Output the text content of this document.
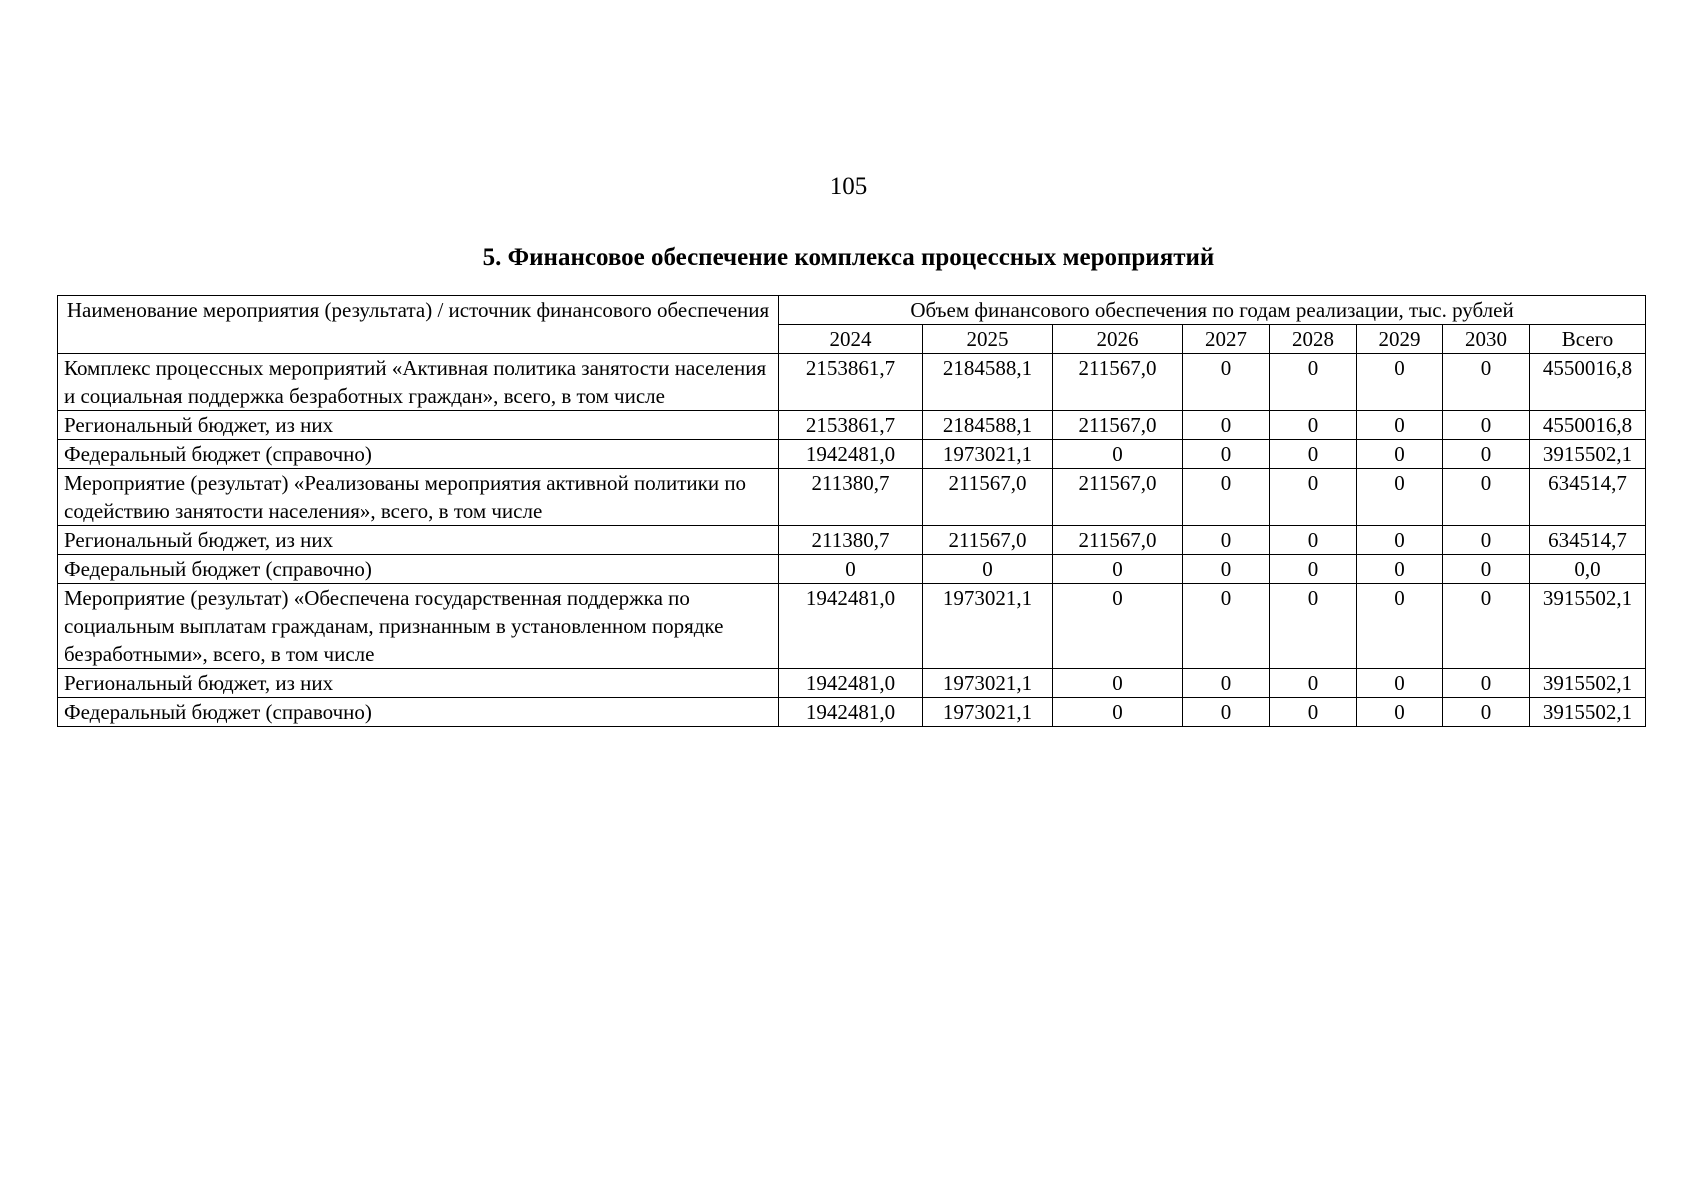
105
5. Финансовое обеспечение комплекса процессных мероприятий
Наименование мероприятия (результата) / источник финансового обеспечения	Объем финансового обеспечения по годам реализации, тыс. рублей							
	2024	2025	2026	2027	2028	2029	2030	Всего
Комплекс процессных мероприятий «Активная политика занятости населения и социальная поддержка безработных граждан», всего, в том числе	2153861,7	2184588,1	211567,0	0	0	0	0	4550016,8
Региональный бюджет, из них	2153861,7	2184588,1	211567,0	0	0	0	0	4550016,8
Федеральный бюджет (справочно)	1942481,0	1973021,1	0	0	0	0	0	3915502,1
Мероприятие (результат) «Реализованы мероприятия активной политики по содействию занятости населения», всего, в том числе	211380,7	211567,0	211567,0	0	0	0	0	634514,7
Региональный бюджет, из них	211380,7	211567,0	211567,0	0	0	0	0	634514,7
Федеральный бюджет (справочно)	0	0	0	0	0	0	0	0,0
Мероприятие (результат) «Обеспечена государственная поддержка по социальным выплатам гражданам, признанным в установленном порядке безработными», всего, в том числе	1942481,0	1973021,1	0	0	0	0	0	3915502,1
Региональный бюджет, из них	1942481,0	1973021,1	0	0	0	0	0	3915502,1
Федеральный бюджет (справочно)	1942481,0	1973021,1	0	0	0	0	0	3915502,1
